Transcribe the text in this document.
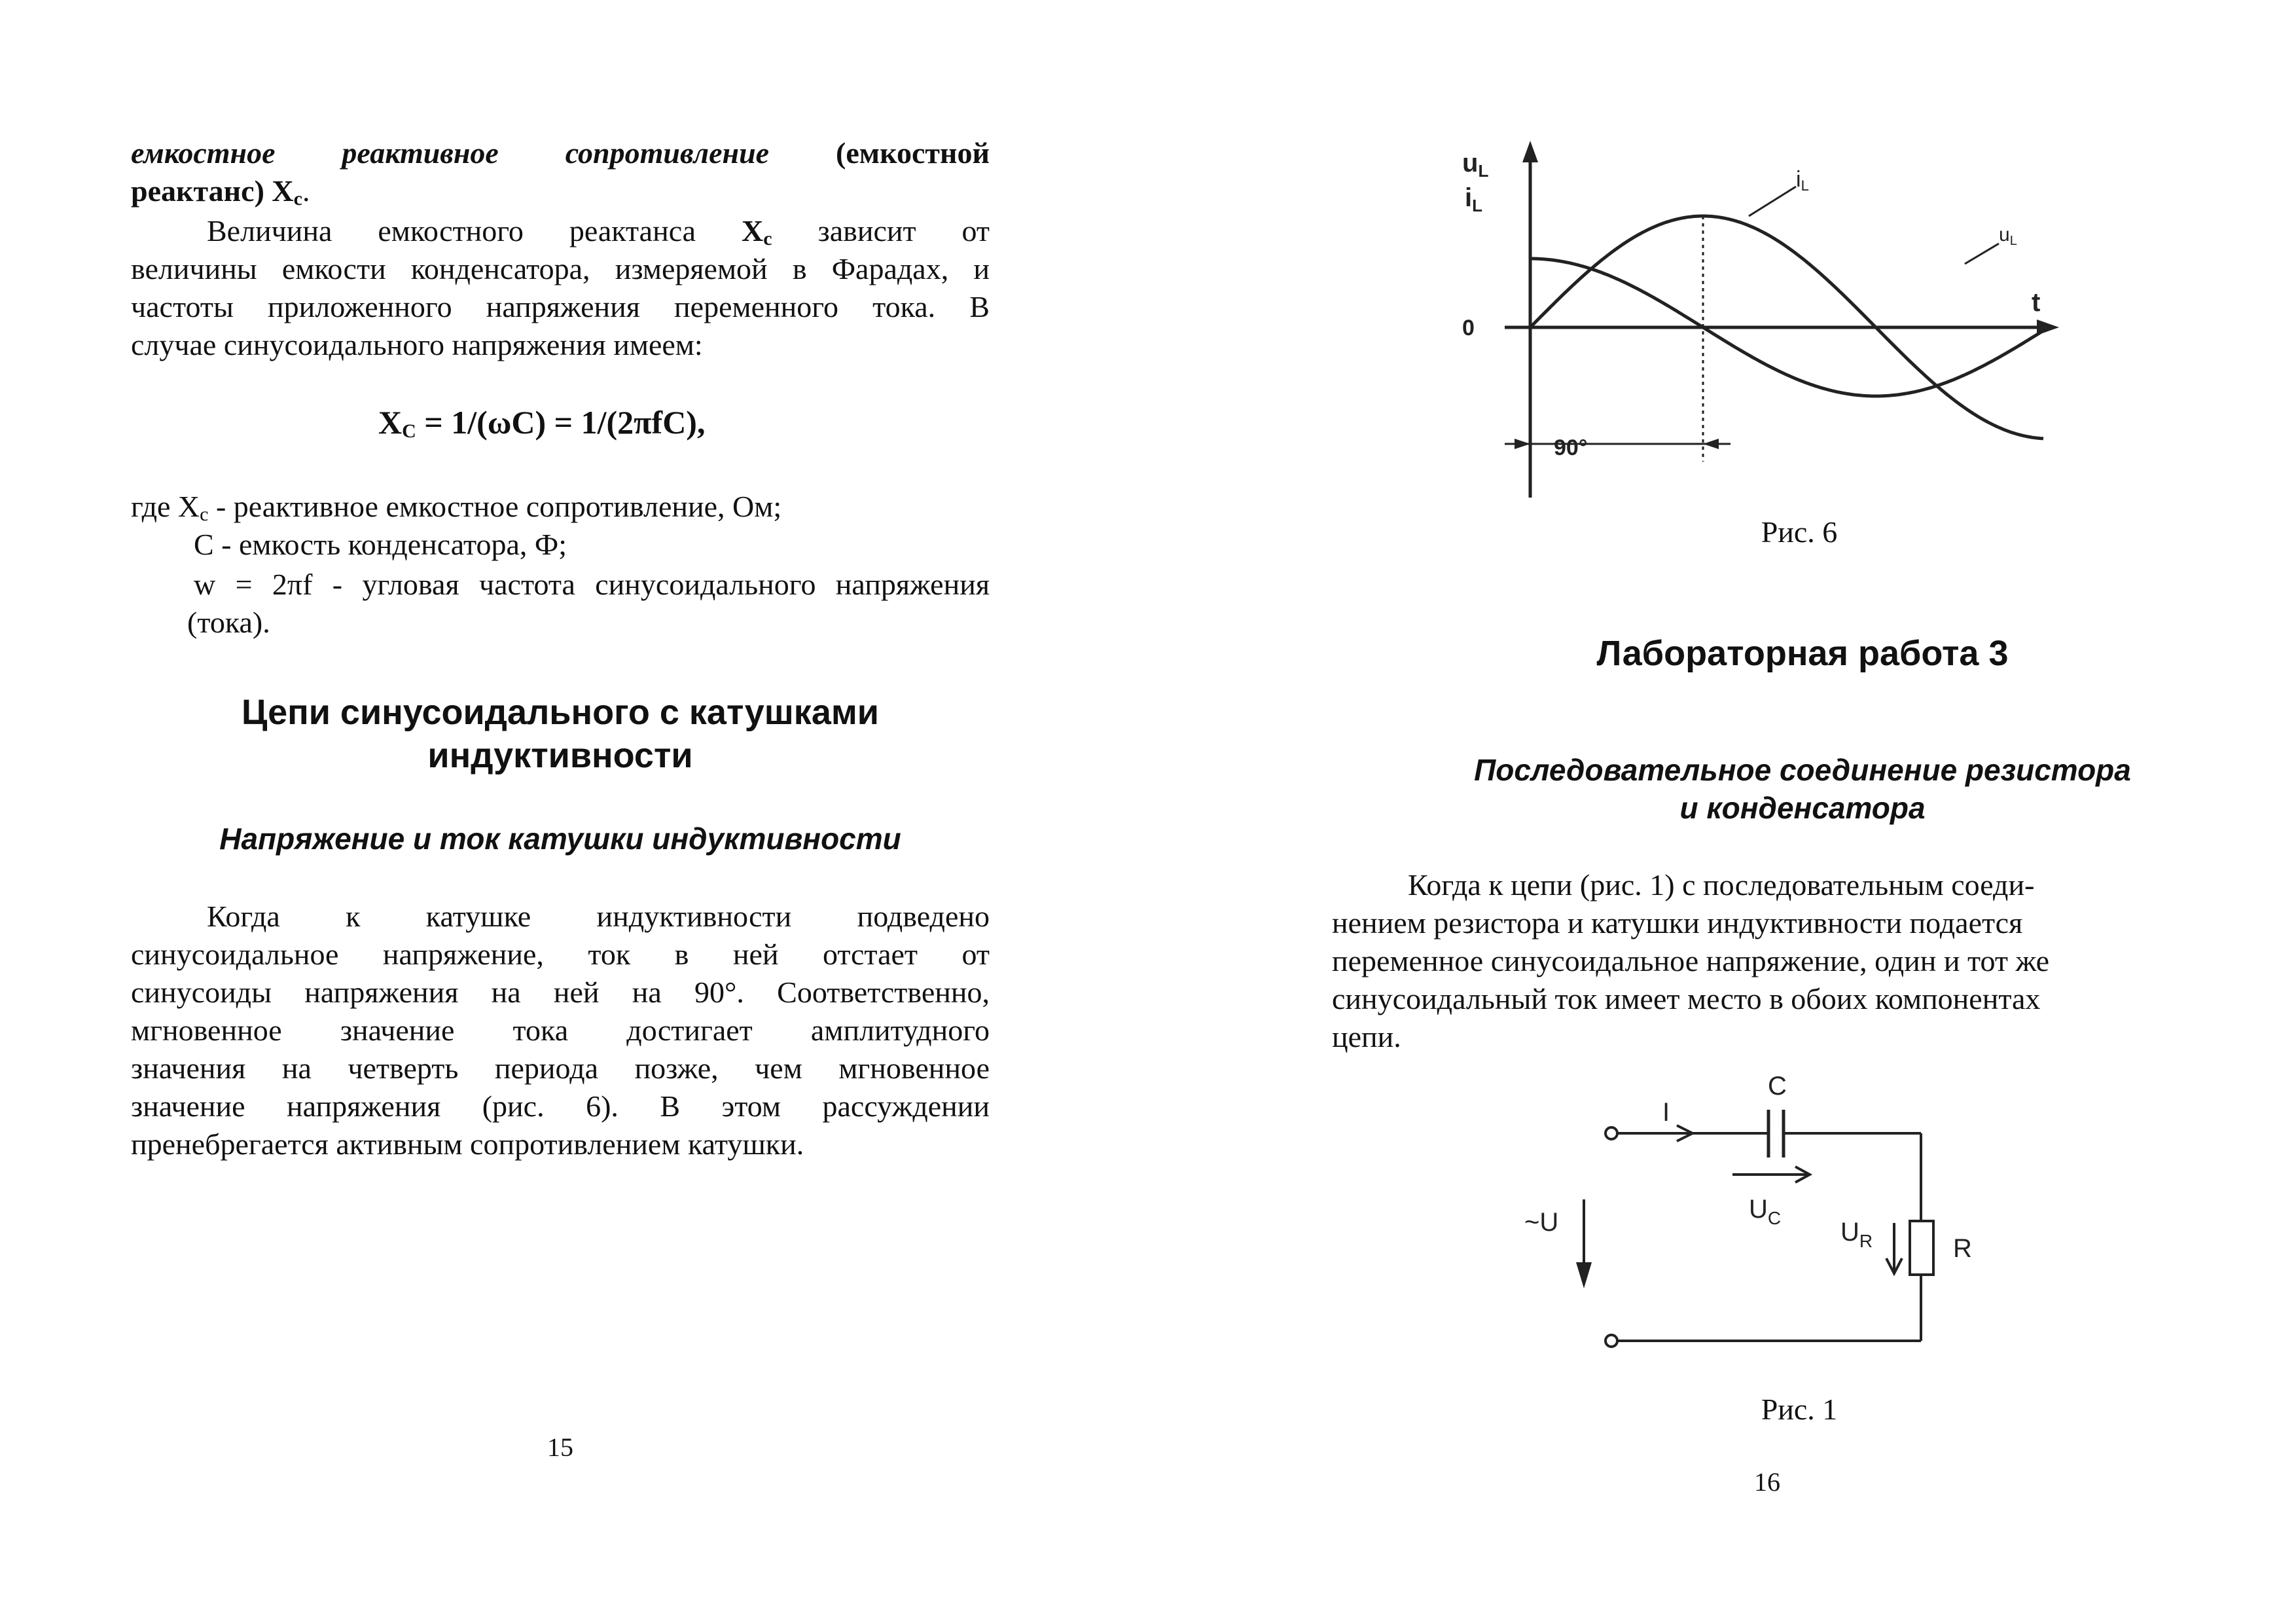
емкостное реактивное сопротивление (емкостной
реактанс) $X_c$.
Величина емкостного реактанса $X_c$ зависит от
величины емкости конденсатора, измеряемой в Фарадах, и
частоты приложенного напряжения переменного тока. В
случае синусоидального напряжения имеем:
$X_C = 1/(\omega C) = 1/(2\pi fC)$,
где $X_c$ - реактивное емкостное сопротивление, Ом;
C - емкость конденсатора, Ф;
w = 2πf - угловая частота синусоидального напряжения
(тока).
Цепи синусоидального с катушками
индуктивности
Напряжение и ток катушки индуктивности
Когда к катушке индуктивности подведено
синусоидальное напряжение, ток в ней отстает от
синусоиды напряжения на ней на 90°. Соответственно,
мгновенное значение тока достигает амплитудного
значения на четверть периода позже, чем мгновенное
значение напряжения (рис. 6). В этом рассуждении
пренебрегается активным сопротивлением катушки.
15
$u_L$
$i_L$
0
t
iL
$u_L$
90°
Рис. 6
Лабораторная работа 3
Последовательное соединение резистора
и конденсатора
Когда к цепи (рис. 1) с последовательным соеди-
нением резистора и катушки индуктивности подается
переменное синусоидальное напряжение, один и тот же
синусоидальный ток имеет место в обоих компонентах
цепи.
I
C
$U_C$
~U	$U_R$	R
Рис. 1
16
